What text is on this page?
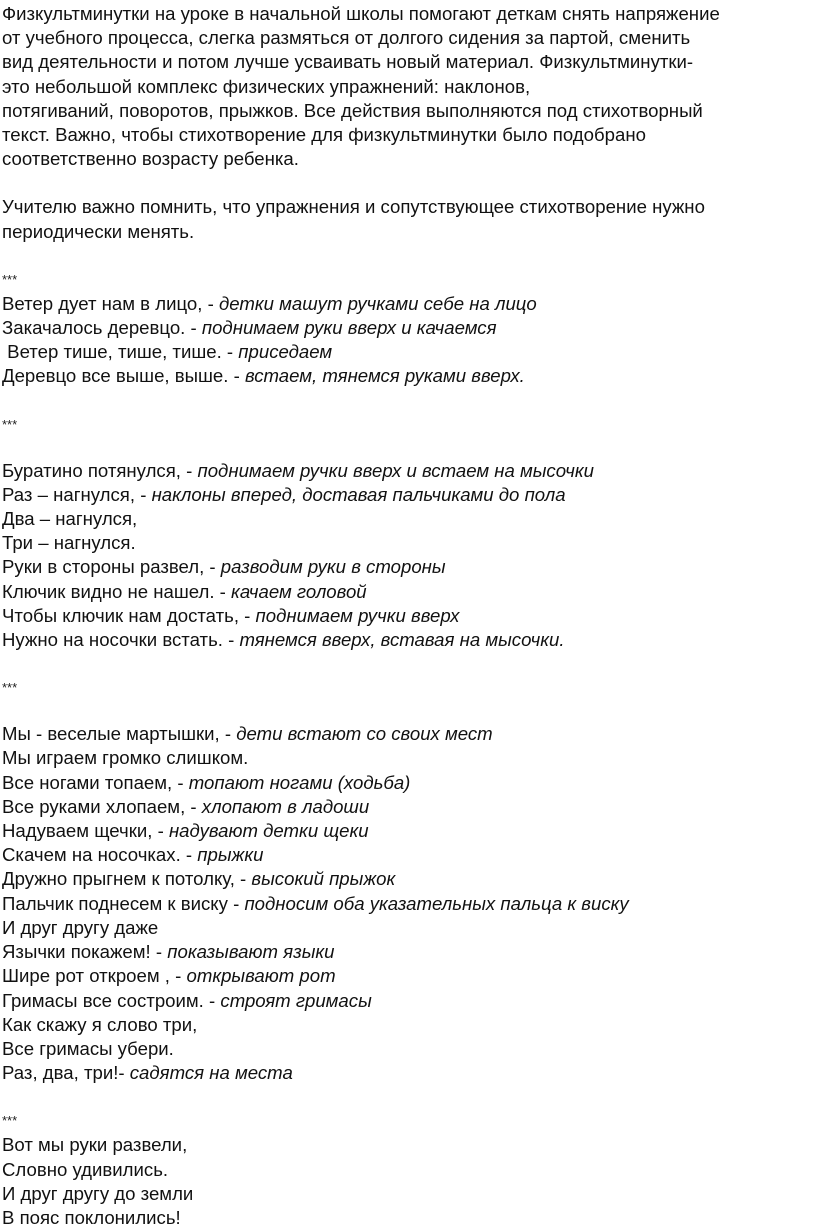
Физкультминутки на уроке в начальной школы помогают деткам снять напряжение
от учебного процесса, слегка размяться от долгого сидения за партой, сменить
вид деятельности и потом лучше усваивать новый материал. Физкультминутки-
это небольшой комплекс физических упражнений: наклонов,
потягиваний, поворотов, прыжков. Все действия выполняются под стихотворный
текст. Важно, чтобы стихотворение для физкультминутки было подобрано
соответственно возрасту ребенка.
Учителю важно помнить, что упражнения и сопутствующее стихотворение нужно
периодически менять.
***
Ветер дует нам в лицо, - детки машут ручками себе на лицо
Закачалось деревцо. - поднимаем руки вверх и качаемся
Ветер тише, тише, тише. - приседаем
Деревцо все выше, выше. - встаем, тянемся руками вверх.
***
Буратино потянулся, - поднимаем ручки вверх и встаем на мысочки
Раз – нагнулся, - наклоны вперед, доставая пальчиками до пола
Два – нагнулся,
Три – нагнулся.
Руки в стороны развел, - разводим руки в стороны
Ключик видно не нашел. - качаем головой
Чтобы ключик нам достать, - поднимаем ручки вверх
Нужно на носочки встать. - тянемся вверх, вставая на мысочки.
***
Мы - веселые мартышки, - дети встают со своих мест
Мы играем громко слишком.
Все ногами топаем, - топают ногами (ходьба)
Все руками хлопаем, - хлопают в ладоши
Надуваем щечки, - надувают детки щеки
Скачем на носочках. - прыжки
Дружно прыгнем к потолку, - высокий прыжок
Пальчик поднесем к виску - подносим оба указательных пальца к виску
И друг другу даже
Язычки покажем! - показывают языки
Шире рот откроем , - открывают рот
Гримасы все состроим. - строят гримасы
Как скажу я слово три,
Все гримасы убери.
Раз, два, три!- садятся на места
***
Вот мы руки развели,
Словно удивились.
И друг другу до земли
В пояс поклонились!
